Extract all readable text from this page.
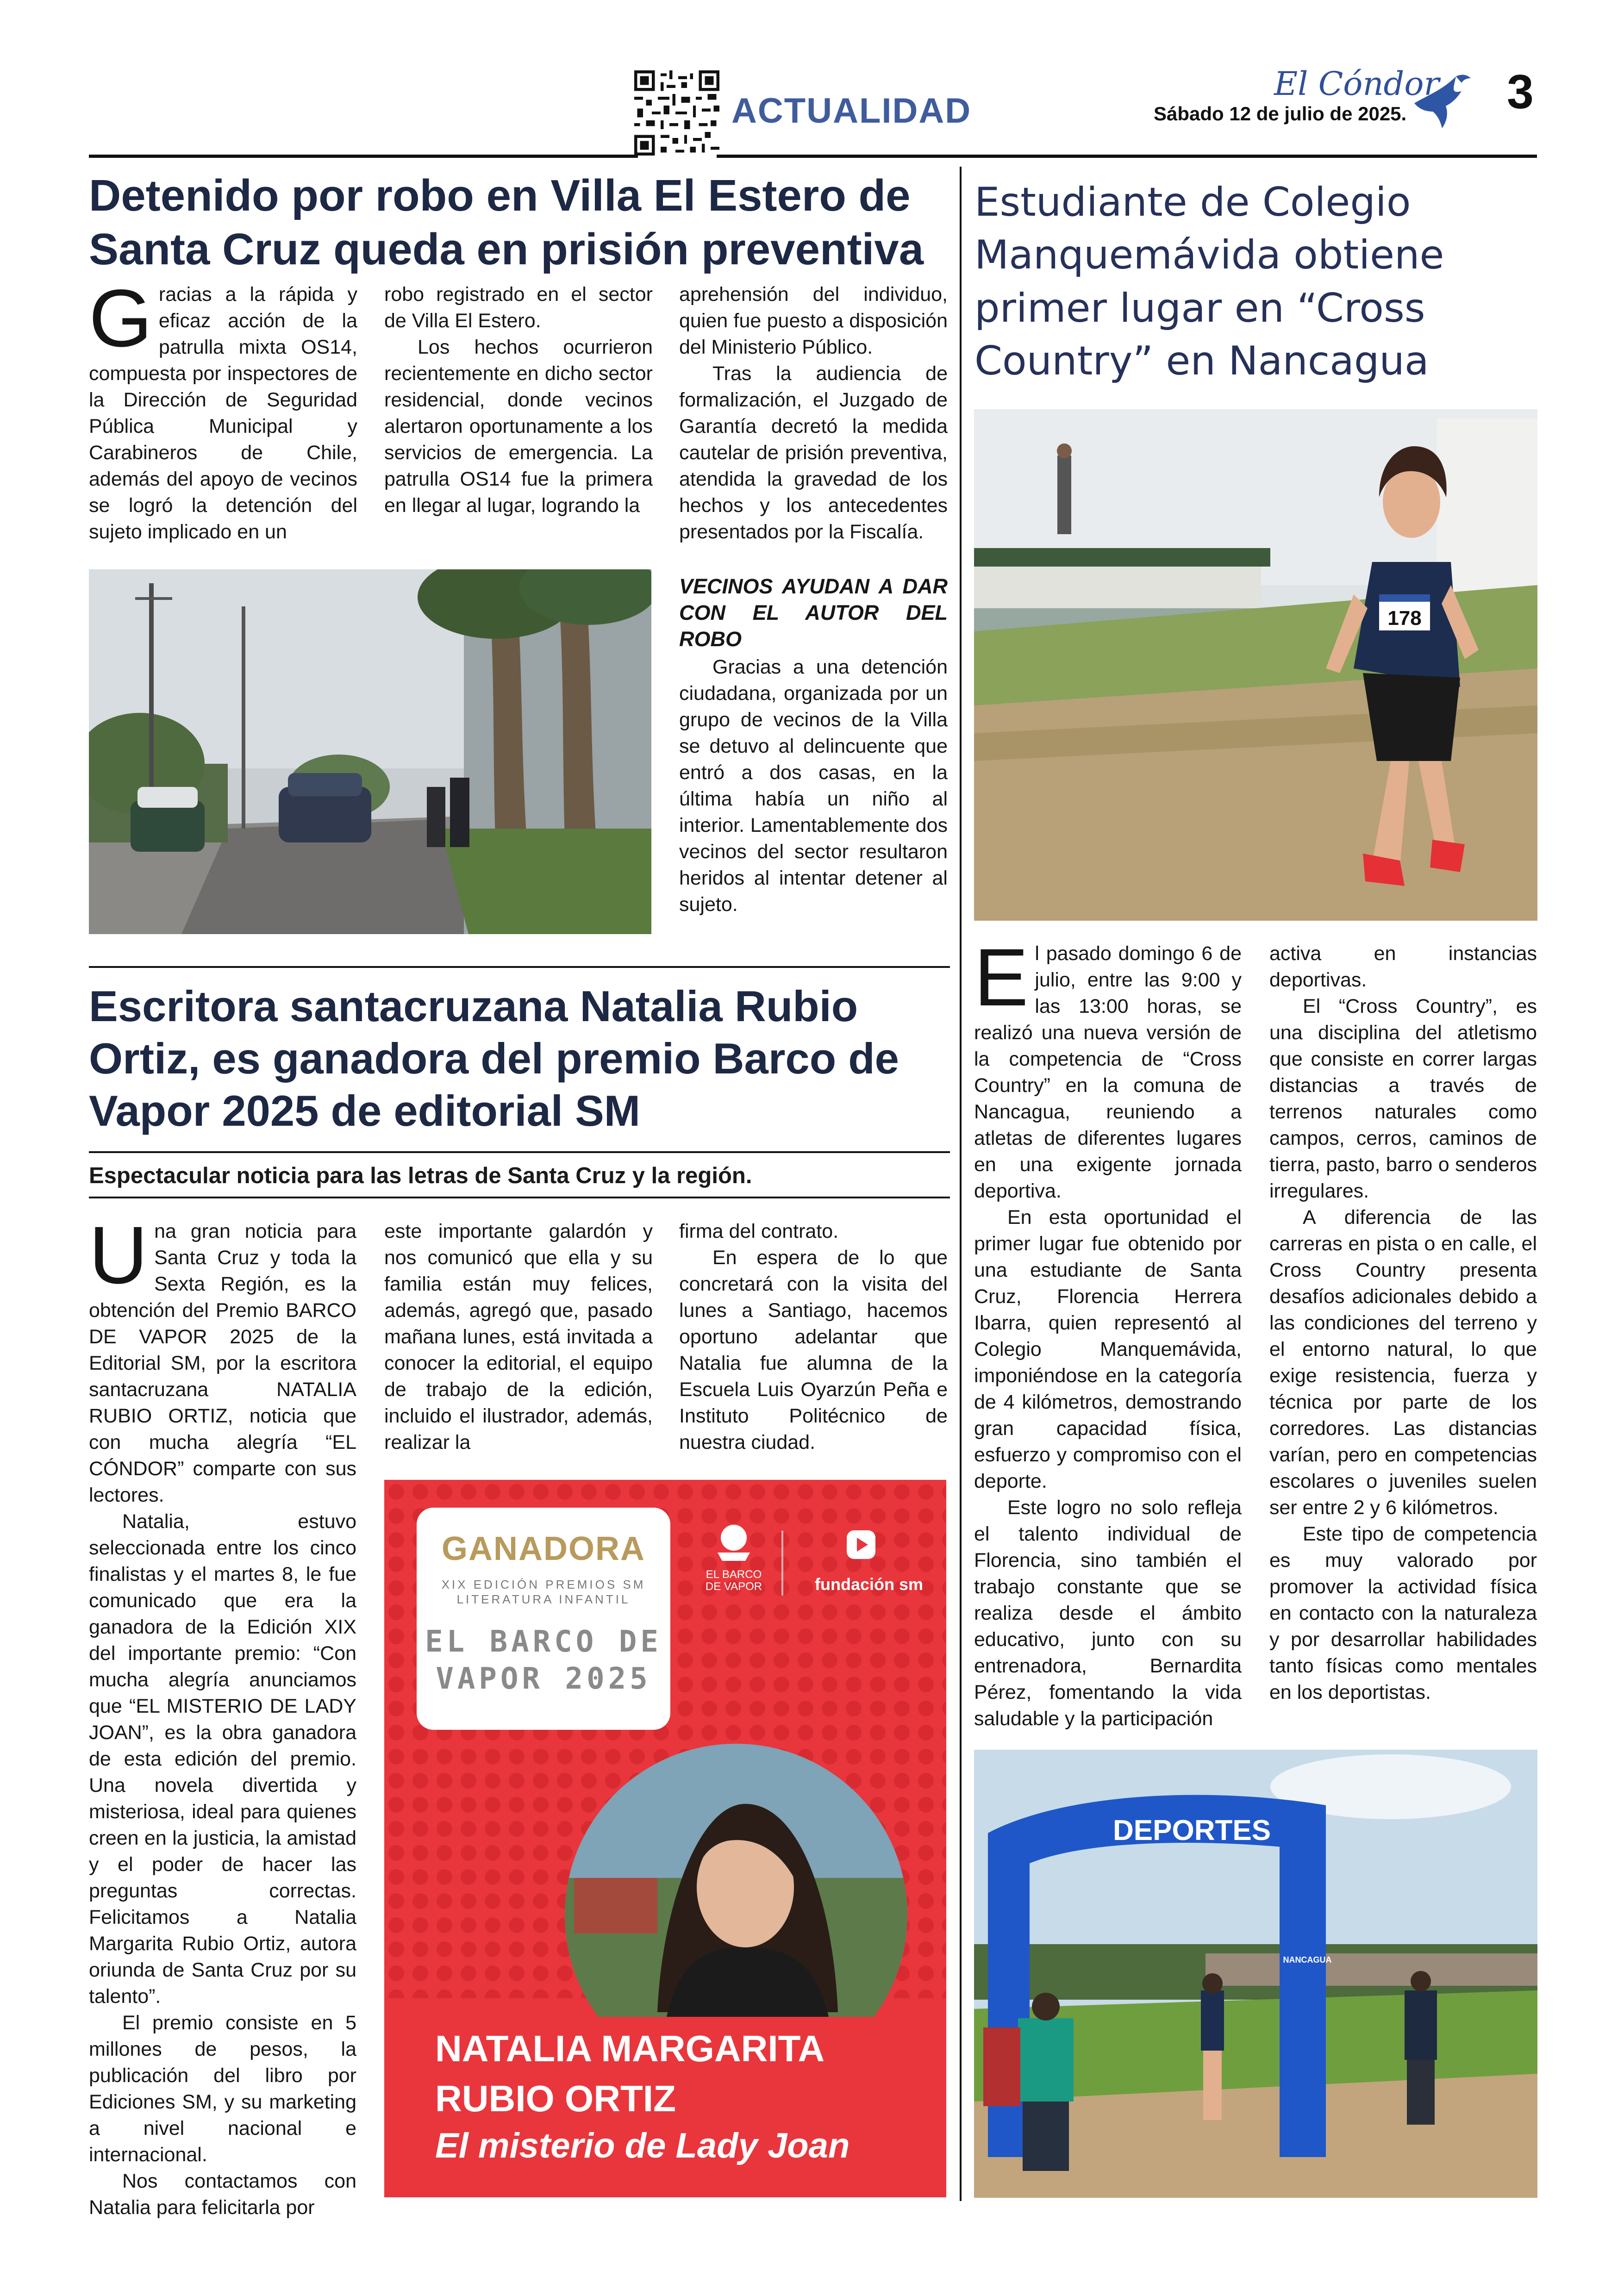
ACTUALIDAD
El Cóndor
Sábado 12 de julio de 2025. 3
Detenido por robo en Villa El Estero de Santa Cruz queda en prisión preventiva

Gracias a la rápida y eficaz acción de la patrulla mixta OS14, compuesta por inspectores de la Dirección de Seguridad Pública Municipal y Carabineros de Chile, además del apoyo de vecinos se logró la detención del sujeto implicado en un

robo registrado en el sector de Villa El Estero.

Los hechos ocurrieron recientemente en dicho sector residencial, donde vecinos alertaron oportunamente a los servicios de emergencia. La patrulla OS14 fue la primera en llegar al lugar, logrando la

aprehensión del individuo, quien fue puesto a disposición del Ministerio Público.

Tras la audiencia de formalización, el Juzgado de Garantía decretó la medida cautelar de prisión preventiva, atendida la gravedad de los hechos y los antecedentes presentados por la Fiscalía.

VECINOS AYUDAN A DAR CON EL AUTOR DEL ROBO

Gracias a una detención ciudadana, organizada por un grupo de vecinos de la Villa se detuvo al delincuente que entró a dos casas, en la última había un niño al interior. Lamentablemente dos vecinos del sector resultaron heridos al intentar detener al sujeto.

Escritora santacruzana Natalia Rubio Ortiz, es ganadora del premio Barco de Vapor 2025 de editorial SM
Espectacular noticia para las letras de Santa Cruz y la región.

Una gran noticia para Santa Cruz y toda la Sexta Región, es la obtención del Premio BARCO DE VAPOR 2025 de la Editorial SM, por la escritora santacruzana NATALIA RUBIO ORTIZ, noticia que con mucha alegría “EL CÓNDOR” comparte con sus lectores.

Natalia, estuvo seleccionada entre los cinco finalistas y el martes 8, le fue comunicado que era la ganadora de la Edición XIX del importante premio: “Con mucha alegría anunciamos que “EL MISTERIO DE LADY JOAN”, es la obra ganadora de esta edición del premio. Una novela divertida y misteriosa, ideal para quienes creen en la justicia, la amistad y el poder de hacer las preguntas correctas. Felicitamos a Natalia Margarita Rubio Ortiz, autora oriunda de Santa Cruz por su talento”.

El premio consiste en 5 millones de pesos, la publicación del libro por Ediciones SM, y su marketing a nivel nacional e internacional.

Nos contactamos con Natalia para felicitarla por

este importante galardón y nos comunicó que ella y su familia están muy felices, además, agregó que, pasado mañana lunes, está invitada a conocer la editorial, el equipo de trabajo de la edición, incluido el ilustrador, además, realizar la

firma del contrato.

En espera de lo que concretará con la visita del lunes a Santiago, hacemos oportuno adelantar que Natalia fue alumna de la Escuela Luis Oyarzún Peña e Instituto Politécnico de nuestra ciudad.

GANADORA
XIX EDICIÓN PREMIOS SM
LITERATURA INFANTIL
EL BARCO DE VAPOR 2025
EL BARCO DE VAPOR	fundación sm
NATALIA MARGARITA RUBIO ORTIZ
El misterio de Lady Joan
Estudiante de Colegio Manquemávida obtiene primer lugar en “Cross Country” en Nancagua
178

El pasado domingo 6 de julio, entre las 9:00 y las 13:00 horas, se realizó una nueva versión de la competencia de “Cross Country” en la comuna de Nancagua, reuniendo a atletas de diferentes lugares en una exigente jornada deportiva.

En esta oportunidad el primer lugar fue obtenido por una estudiante de Santa Cruz, Florencia Herrera Ibarra, quien representó al Colegio Manquemávida, imponiéndose en la categoría de 4 kilómetros, demostrando gran capacidad física, esfuerzo y compromiso con el deporte.

Este logro no solo refleja el talento individual de Florencia, sino también el trabajo constante que se realiza desde el ámbito educativo, junto con su entrenadora, Bernardita Pérez, fomentando la vida saludable y la participación

activa en instancias deportivas.

El “Cross Country”, es una disciplina del atletismo que consiste en correr largas distancias a través de terrenos naturales como campos, cerros, caminos de tierra, pasto, barro o senderos irregulares.

A diferencia de las carreras en pista o en calle, el Cross Country presenta desafíos adicionales debido a las condiciones del terreno y el entorno natural, lo que exige resistencia, fuerza y técnica por parte de los corredores. Las distancias varían, pero en competencias escolares o juveniles suelen ser entre 2 y 6 kilómetros.

Este tipo de competencia es muy valorado por promover la actividad física en contacto con la naturaleza y por desarrollar habilidades tanto físicas como mentales en los deportistas.

DEPORTES
NANCAGUA
